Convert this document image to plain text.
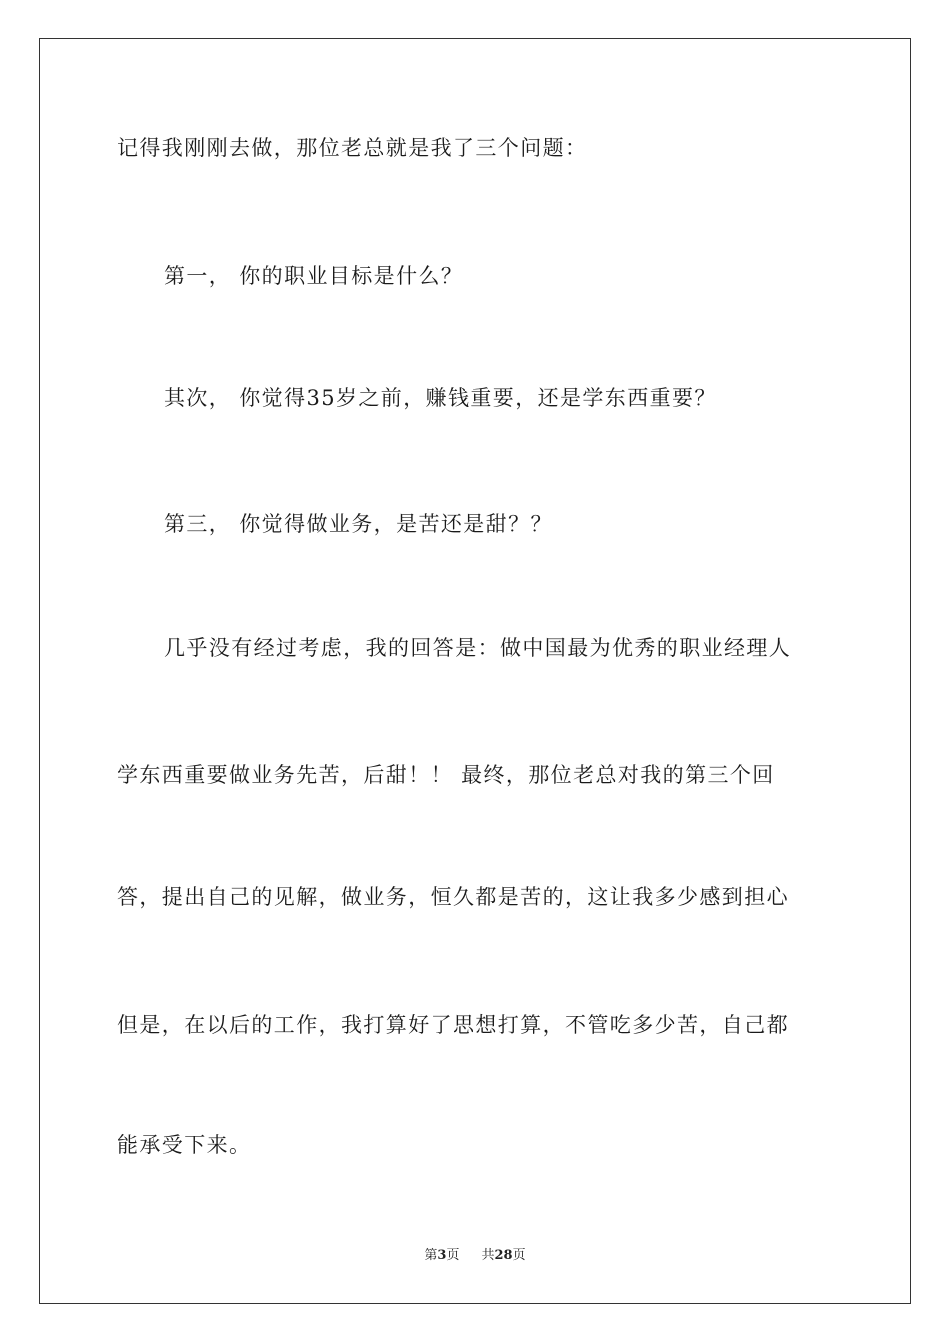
记得我刚刚去做，那位老总就是我了三个问题：
第一， 你的职业目标是什么？
其次， 你觉得35岁之前，赚钱重要，还是学东西重要？
第三， 你觉得做业务，是苦还是甜？？
几乎没有经过考虑，我的回答是：做中国最为优秀的职业经理人
学东西重要做业务先苦，后甜！！ 最终，那位老总对我的第三个回
答，提出自己的见解，做业务，恒久都是苦的，这让我多少感到担心
但是，在以后的工作，我打算好了思想打算，不管吃多少苦，自己都
能承受下来。
第3页 共28页
